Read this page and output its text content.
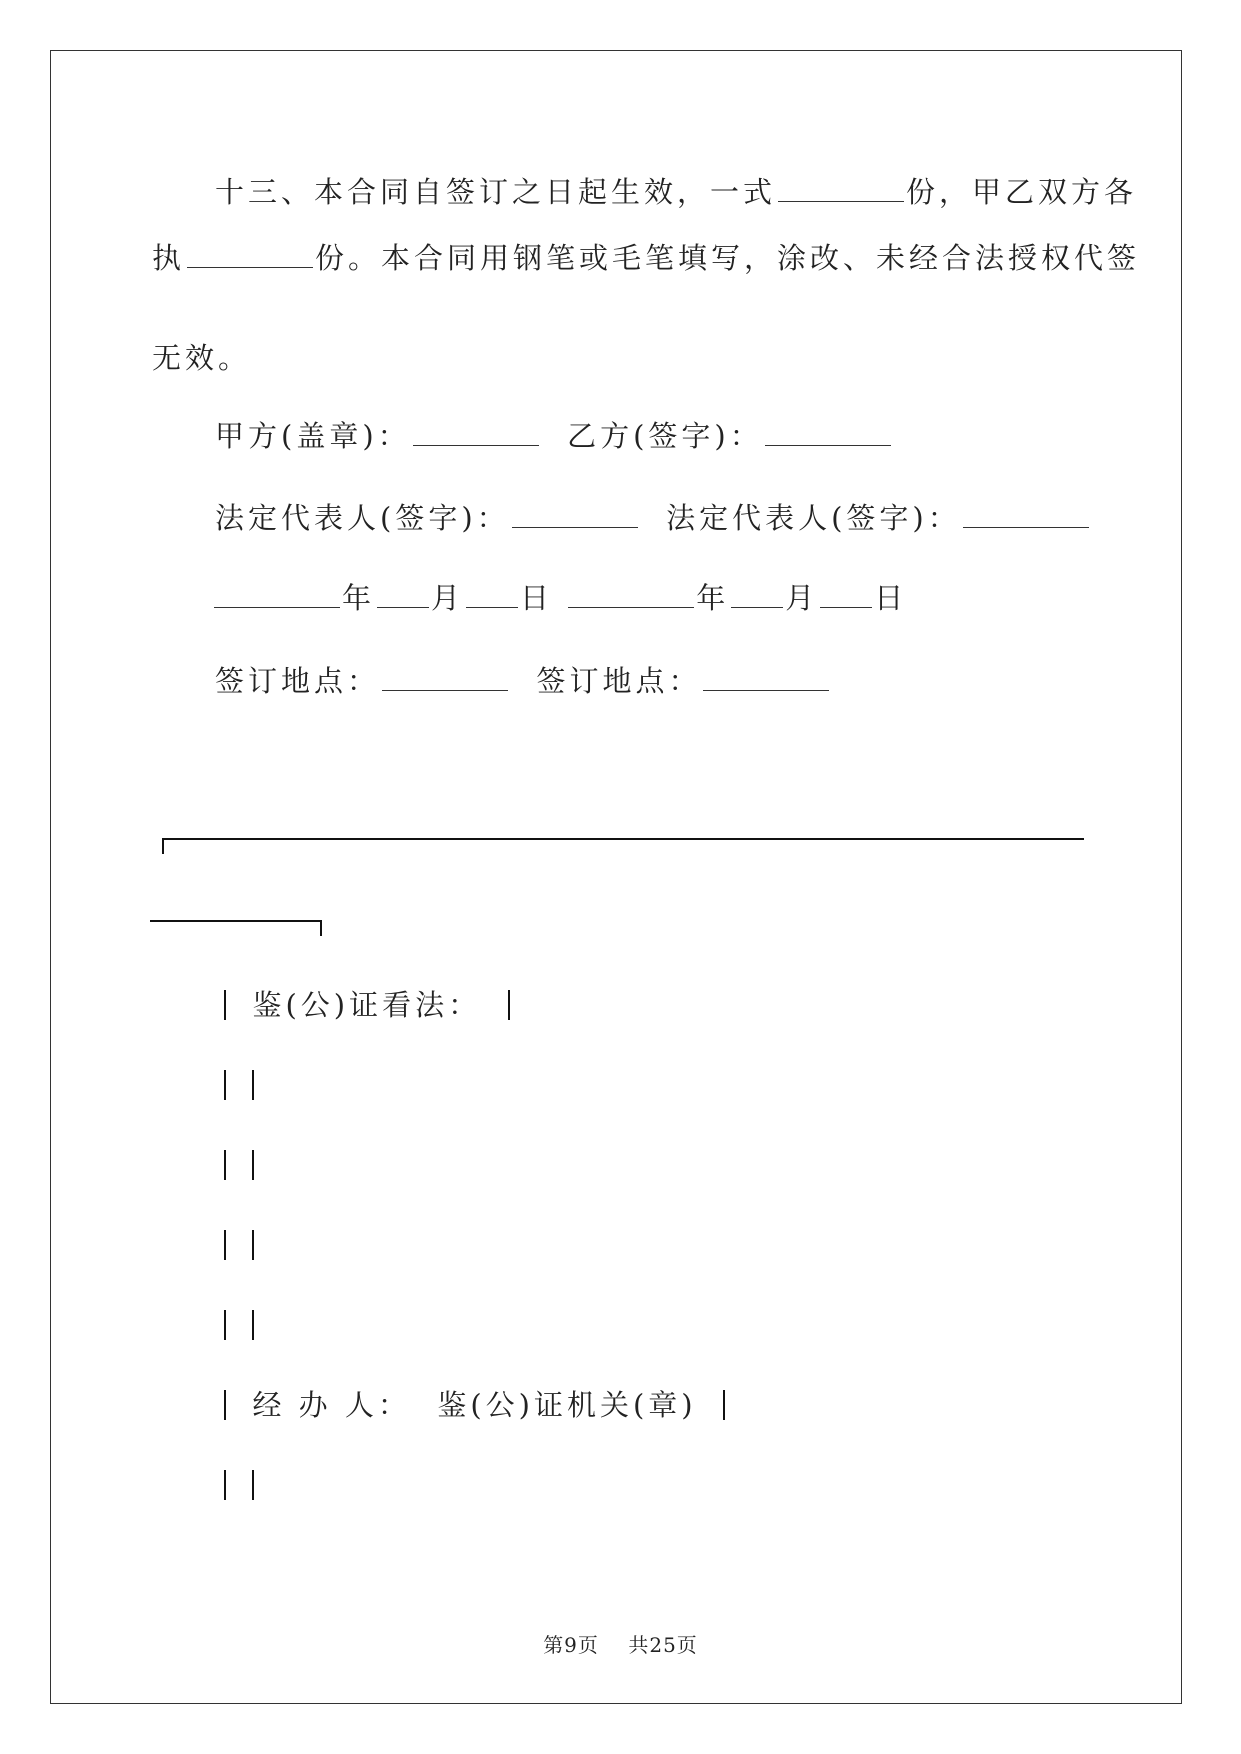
十三、本合同自签订之日起生效，一式	份，甲乙双方各
执	份。本合同用钢笔或毛笔填写，涂改、未经合法授权代签
无效。
甲方(盖章)：	乙方(签字)：
法定代表人(签字)：	法定代表人(签字)：
年 月 日	年 月 日
签订地点：	签订地点：
鉴(公)证看法：

经 办 人： 鉴(公)证机关(章)

第9页    共25页
